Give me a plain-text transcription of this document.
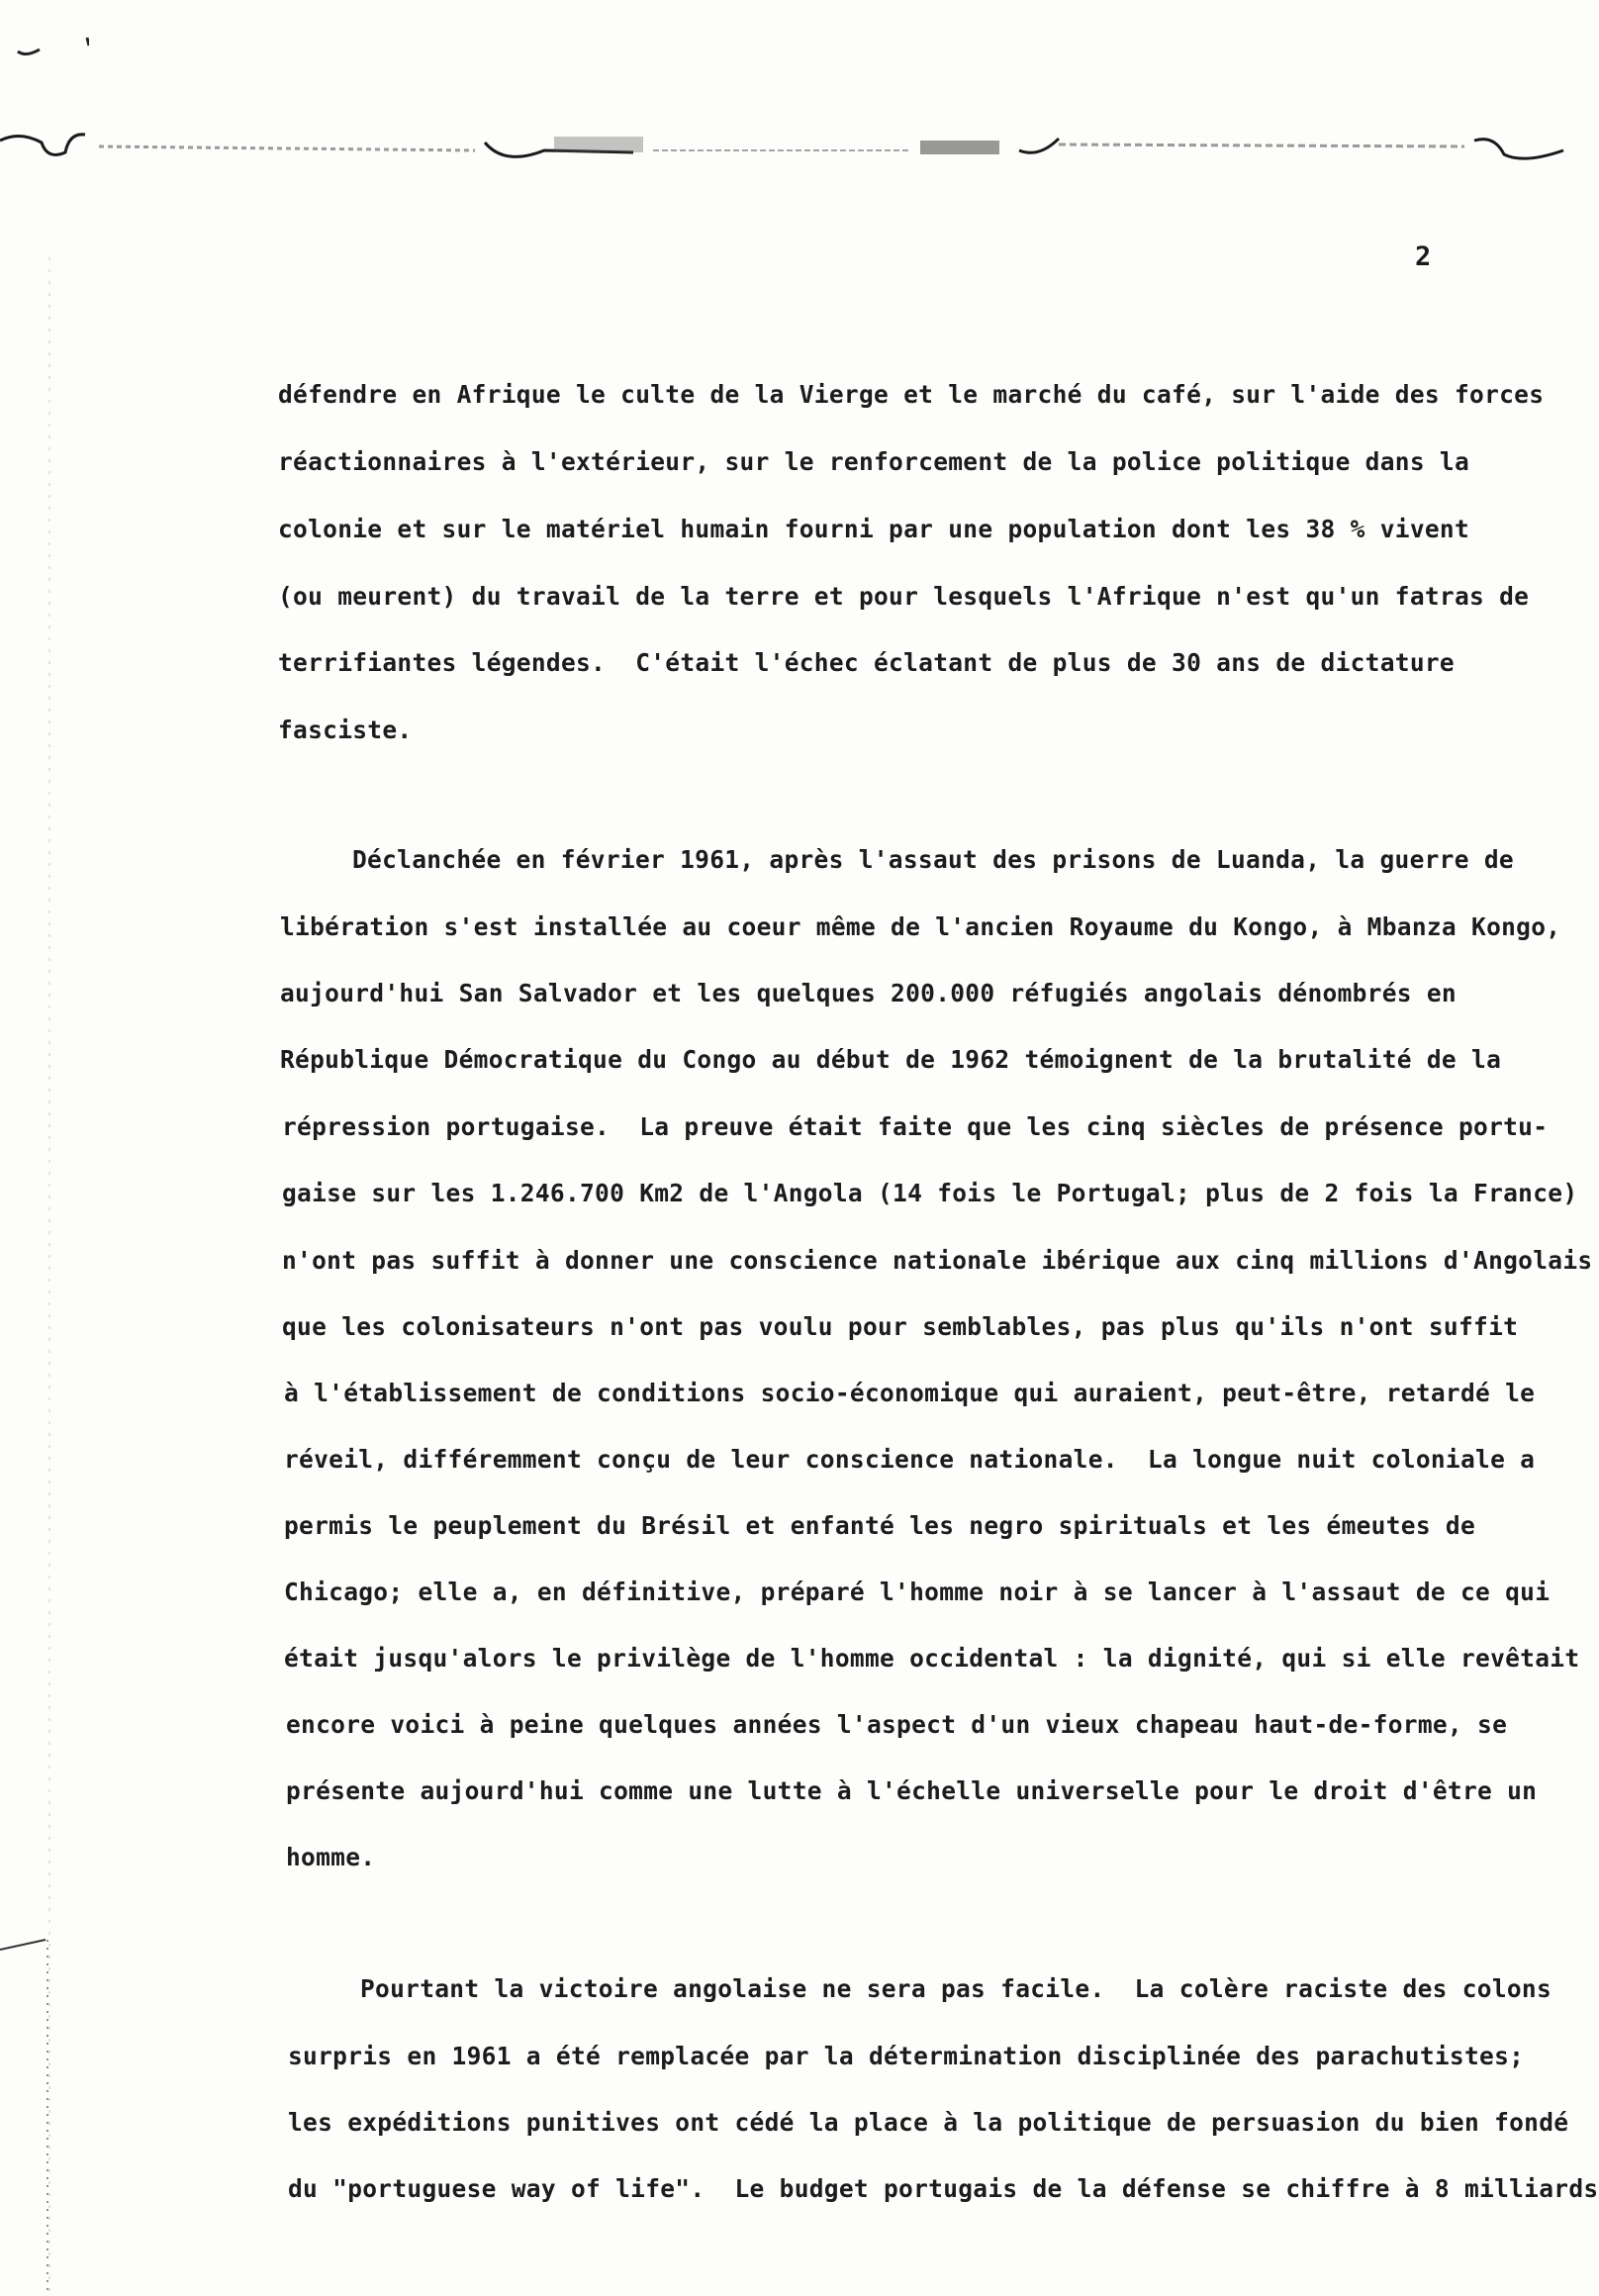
2
défendre en Afrique le culte de la Vierge et le marché du café, sur l'aide des forces
réactionnaires à l'extérieur, sur le renforcement de la police politique dans la
colonie et sur le matériel humain fourni par une population dont les 38 % vivent
(ou meurent) du travail de la terre et pour lesquels l'Afrique n'est qu'un fatras de
terrifiantes légendes.  C'était l'échec éclatant de plus de 30 ans de dictature
fasciste.
Déclanchée en février 1961, après l'assaut des prisons de Luanda, la guerre de
libération s'est installée au coeur même de l'ancien Royaume du Kongo, à Mbanza Kongo,
aujourd'hui San Salvador et les quelques 200.000 réfugiés angolais dénombrés en
République Démocratique du Congo au début de 1962 témoignent de la brutalité de la
répression portugaise.  La preuve était faite que les cinq siècles de présence portu-
gaise sur les 1.246.700 Km2 de l'Angola (14 fois le Portugal; plus de 2 fois la France)
n'ont pas suffit à donner une conscience nationale ibérique aux cinq millions d'Angolais
que les colonisateurs n'ont pas voulu pour semblables, pas plus qu'ils n'ont suffit
à l'établissement de conditions socio-économique qui auraient, peut-être, retardé le
réveil, différemment conçu de leur conscience nationale.  La longue nuit coloniale a
permis le peuplement du Brésil et enfanté les negro spirituals et les émeutes de
Chicago; elle a, en définitive, préparé l'homme noir à se lancer à l'assaut de ce qui
était jusqu'alors le privilège de l'homme occidental : la dignité, qui si elle revêtait
encore voici à peine quelques années l'aspect d'un vieux chapeau haut-de-forme, se
présente aujourd'hui comme une lutte à l'échelle universelle pour le droit d'être un
homme.
Pourtant la victoire angolaise ne sera pas facile.  La colère raciste des colons
surpris en 1961 a été remplacée par la détermination disciplinée des parachutistes;
les expéditions punitives ont cédé la place à la politique de persuasion du bien fondé
du "portuguese way of life".  Le budget portugais de la défense se chiffre à 8 milliards
